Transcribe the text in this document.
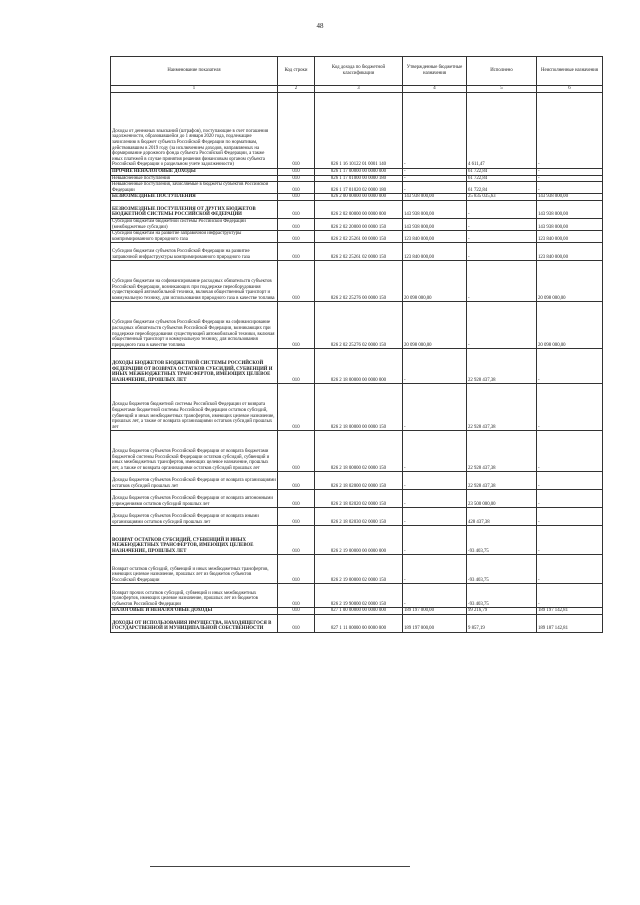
48
Наименование показателя	Код строки	Код дохода по бюджетной классификации	Утвержденные бюджетные назначения	Исполнено	Неисполненные назначения
1	2	3	4	5	6
Доходы от денежных взысканий (штрафов), поступающие в счет погашения задолженности, образовавшейся до 1 января 2020 года, подлежащие зачислению в бюджет субъекта Российской Федерации по нормативам, действовавшим в 2019 году (за исключением доходов, направляемых на формирование дорожного фонда субъекта Российской Федерации, а также иных платежей в случае принятия решения финансовым органом субъекта Российской Федерации о раздельном учете задолженности)	010	826 1 16 10122 01 0001 140	-	4 611,47	-
ПРОЧИЕ НЕНАЛОГОВЫЕ ДОХОДЫ	010	826 1 17 00000 00 0000 000	-	61 722,84	-
Невыясненные поступления	010	826 1 17 01000 00 0000 180	-	61 722,84	-
Невыясненные поступления, зачисляемые в бюджеты субъектов Российской Федерации	010	826 1 17 01020 02 0000 180	-	61 722,84	-
БЕЗВОЗМЕЗДНЫЕ ПОСТУПЛЕНИЯ	010	826 2 00 00000 00 0000 000	143 938 000,00	25 835 035,63	143 938 000,00
БЕЗВОЗМЕЗДНЫЕ ПОСТУПЛЕНИЯ ОТ ДРУГИХ БЮДЖЕТОВ БЮДЖЕТНОЙ СИСТЕМЫ РОССИЙСКОЙ ФЕДЕРАЦИИ	010	826 2 02 00000 00 0000 000	143 938 000,00	-	143 938 000,00
Субсидии бюджетам бюджетной системы Российской Федерации (межбюджетные субсидии)	010	826 2 02 20000 00 0000 150	143 938 000,00	-	143 938 000,00
Субсидии бюджетам на развитие заправочной инфраструктуры компримированного природного газа	010	826 2 02 25261 00 0000 150	123 840 000,00	-	123 840 000,00
Субсидии бюджетам субъектов Российской Федерации на развитие заправочной инфраструктуры компримированного природного газа	010	826 2 02 25261 02 0000 150	123 840 000,00	-	123 840 000,00
Субсидии бюджетам на софинансирование расходных обязательств субъектов Российской Федерации, возникающих при поддержке переоборудования существующей автомобильной техники, включая общественный транспорт и коммунальную технику, для использования природного газа в качестве топлива	010	826 2 02 25276 00 0000 150	20 098 000,00	-	20 098 000,00
Субсидии бюджетам субъектов Российской Федерации на софинансирование расходных обязательств субъектов Российской Федерации, возникающих при поддержке переоборудования существующей автомобильной техники, включая общественный транспорт и коммунальную технику, для использования природного газа в качестве топлива	010	826 2 02 25276 02 0000 150	20 098 000,00	-	20 098 000,00
ДОХОДЫ БЮДЖЕТОВ БЮДЖЕТНОЙ СИСТЕМЫ РОССИЙСКОЙ ФЕДЕРАЦИИ ОТ ВОЗВРАТА ОСТАТКОВ СУБСИДИЙ, СУБВЕНЦИЙ И ИНЫХ МЕЖБЮДЖЕТНЫХ ТРАНСФЕРТОВ, ИМЕЮЩИХ ЦЕЛЕВОЕ НАЗНАЧЕНИЕ, ПРОШЛЫХ ЛЕТ	010	826 2 18 00000 00 0000 000	-	22 928 437,38	-
Доходы бюджетов бюджетной системы Российской Федерации от возврата бюджетами бюджетной системы Российской Федерации остатков субсидий, субвенций и иных межбюджетных трансфертов, имеющих целевое назначение, прошлых лет, а также от возврата организациями остатков субсидий прошлых лет	010	826 2 18 00000 00 0000 150	-	22 928 437,38	-
Доходы бюджетов субъектов Российской Федерации от возврата бюджетами бюджетной системы Российской Федерации остатков субсидий, субвенций и иных межбюджетных трансфертов, имеющих целевое назначение, прошлых лет, а также от возврата организациями остатков субсидий прошлых лет	010	826 2 18 00000 02 0000 150	-	22 928 437,38	-
Доходы бюджетов субъектов Российской Федерации от возврата организациями остатков субсидий прошлых лет	010	826 2 18 02000 02 0000 150	-	22 928 437,38	-
Доходы бюджетов субъектов Российской Федерации от возврата автономными учреждениями остатков субсидий прошлых лет	010	826 2 18 02020 02 0000 150	-	23 500 000,00	-
Доходы бюджетов субъектов Российской Федерации от возврата иными организациями остатков субсидий прошлых лет	010	826 2 18 02030 02 0000 150	-	428 437,38	-
ВОЗВРАТ ОСТАТКОВ СУБСИДИЙ, СУБВЕНЦИЙ И ИНЫХ МЕЖБЮДЖЕТНЫХ ТРАНСФЕРТОВ, ИМЕЮЩИХ ЦЕЛЕВОЕ НАЗНАЧЕНИЕ, ПРОШЛЫХ ЛЕТ	010	826 2 19 00000 00 0000 000	-	-93 403,75	-
Возврат остатков субсидий, субвенций и иных межбюджетных трансфертов, имеющих целевое назначение, прошлых лет из бюджетов субъектов Российской Федерации	010	826 2 19 00000 02 0000 150	-	-93 403,75	-
Возврат прочих остатков субсидий, субвенций и иных межбюджетных трансфертов, имеющих целевое назначение, прошлых лет из бюджетов субъектов Российской Федерации	010	826 2 19 90000 02 0000 150	-	-93 403,75	-
НАЛОГОВЫЕ И НЕНАЛОГОВЫЕ ДОХОДЫ	010	827 1 00 00000 00 0000 000	189 197 000,00	99 216,79	189 197 142,81
ДОХОДЫ ОТ ИСПОЛЬЗОВАНИЯ ИМУЩЕСТВА, НАХОДЯЩЕГОСЯ В ГОСУДАРСТВЕННОЙ И МУНИЦИПАЛЬНОЙ СОБСТВЕННОСТИ	010	827 1 11 00000 00 0000 000	189 197 000,00	9 857,19	189 187 142,81
